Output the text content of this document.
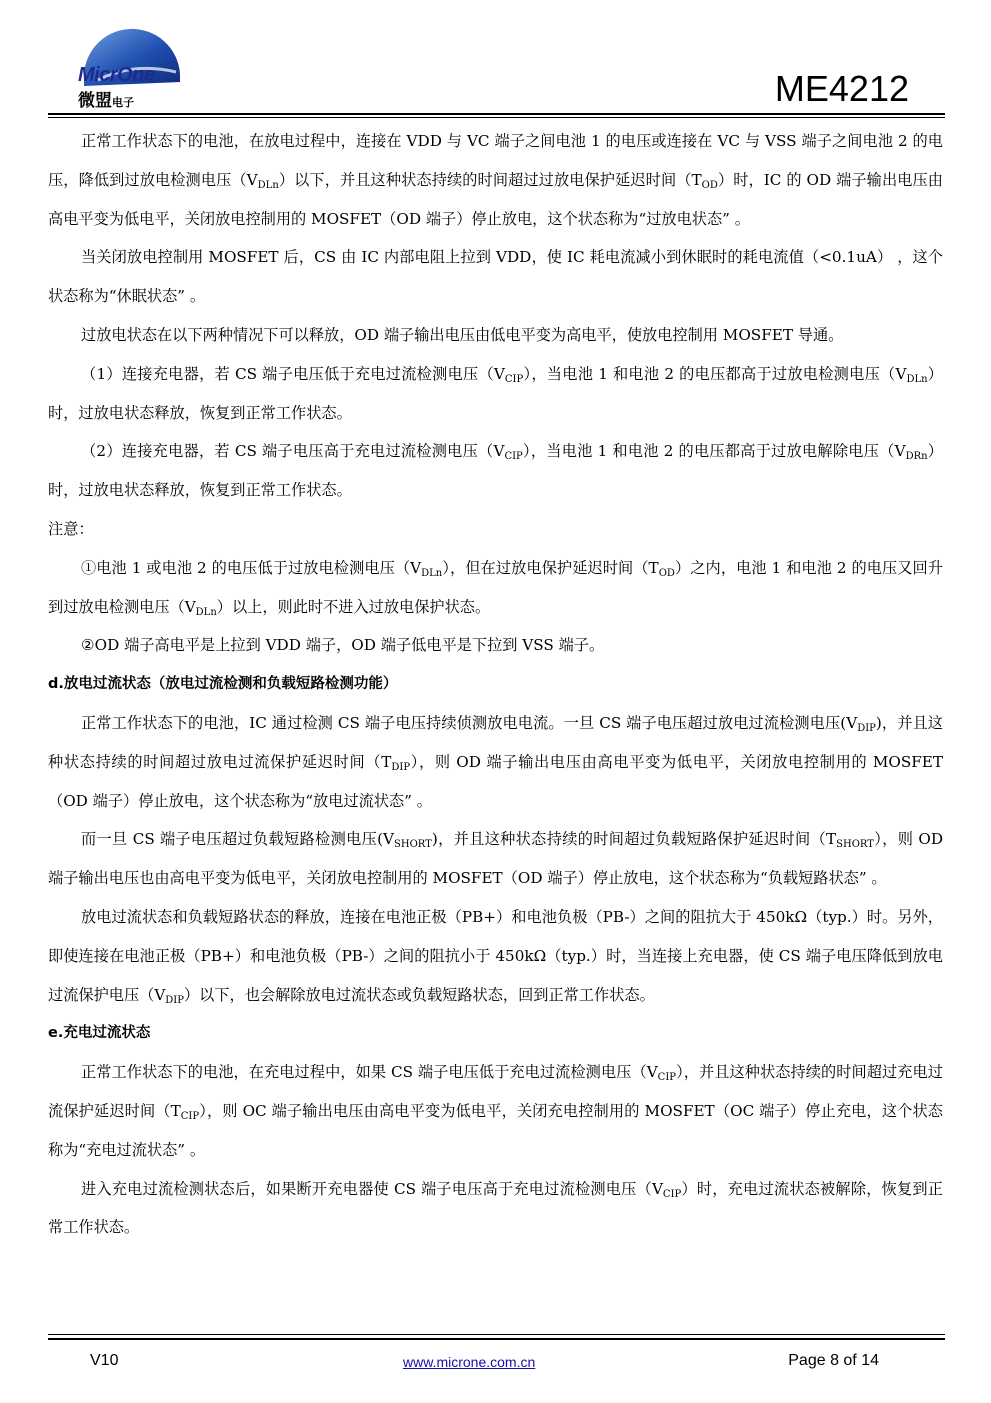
MicrOne
微盟电子	ME4212

正常工作状态下的电池，在放电过程中，连接在 VDD 与 VC 端子之间电池 1 的电压或连接在 VC 与 VSS 端子之间电池 2 的电压，降低到过放电检测电压$(V_{DLn})$以下，并且这种状态持续的时间超过过放电保护延迟时间$(T_{OD})$时，IC 的 OD 端子输出电压由高电平变为低电平，关闭放电控制用的 MOSFET（OD 端子）停止放电，这个状态称为“过放电状态” 。

当关闭放电控制用 MOSFET 后，CS 由 IC 内部电阻上拉到 VDD，使 IC 耗电流减小到休眠时的耗电流值（<0.1uA） ，这个状态称为“休眠状态” 。

过放电状态在以下两种情况下可以释放，OD 端子输出电压由低电平变为高电平，使放电控制用 MOSFET 导通。

（1）连接充电器，若 CS 端子电压低于充电过流检测电压$(V_{CIP})$，当电池 1 和电池 2 的电压都高于过放电检测电压$(V_{DLn})$时，过放电状态释放，恢复到正常工作状态。

（2）连接充电器，若 CS 端子电压高于充电过流检测电压$(V_{CIP})$，当电池 1 和电池 2 的电压都高于过放电解除电压$(V_{DRn})$时，过放电状态释放，恢复到正常工作状态。

注意：

①电池 1 或电池 2 的电压低于过放电检测电压$(V_{DLn})$，但在过放电保护延迟时间$(T_{OD})$之内，电池 1 和电池 2 的电压又回升到过放电检测电压$(V_{DLn})$以上，则此时不进入过放电保护状态。

②OD 端子高电平是上拉到 VDD 端子，OD 端子低电平是下拉到 VSS 端子。

d.放电过流状态（放电过流检测和负载短路检测功能）

正常工作状态下的电池，IC 通过检测 CS 端子电压持续侦测放电电流。一旦 CS 端子电压超过放电过流检测电压$(V_{DIP})$，并且这种状态持续的时间超过放电过流保护延迟时间$(T_{DIP})$，则 OD 端子输出电压由高电平变为低电平，关闭放电控制用的 MOSFET（OD 端子）停止放电，这个状态称为“放电过流状态” 。

而一旦 CS 端子电压超过负载短路检测电压$(V_{SHORT})$，并且这种状态持续的时间超过负载短路保护延迟时间$(T_{SHORT})$，则 OD 端子输出电压也由高电平变为低电平，关闭放电控制用的 MOSFET（OD 端子）停止放电，这个状态称为“负载短路状态” 。

放电过流状态和负载短路状态的释放，连接在电池正极（PB+）和电池负极（PB-）之间的阻抗大于 450kΩ（typ.）时。另外，即使连接在电池正极（PB+）和电池负极（PB-）之间的阻抗小于 450kΩ（typ.）时，当连接上充电器，使 CS 端子电压降低到放电过流保护电压$(V_{DIP})$以下，也会解除放电过流状态或负载短路状态，回到正常工作状态。

e.充电过流状态

正常工作状态下的电池，在充电过程中，如果 CS 端子电压低于充电过流检测电压$(V_{CIP})$，并且这种状态持续的时间超过充电过流保护延迟时间$(T_{CIP})$，则 OC 端子输出电压由高电平变为低电平，关闭充电控制用的 MOSFET（OC 端子）停止充电，这个状态称为“充电过流状态” 。

进入充电过流检测状态后，如果断开充电器使 CS 端子电压高于充电过流检测电压$(V_{CIP})$时，充电过流状态被解除，恢复到正常工作状态。

V10	www.microne.com.cn	Page 8 of 14
